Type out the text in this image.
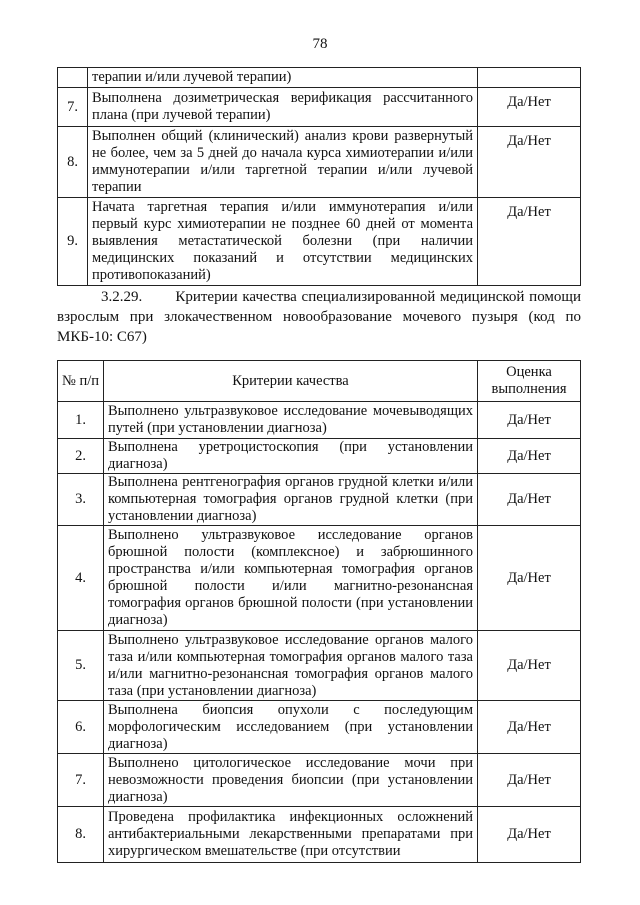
78
	терапии и/или лучевой терапии)	
7.	Выполнена дозиметрическая верификация рассчитанного плана (при лучевой терапии)	Да/Нет
8.	Выполнен общий (клинический) анализ крови развернутый не более, чем за 5 дней до начала курса химиотерапии и/или иммунотерапии и/или таргетной терапии и/или лучевой терапии	Да/Нет
9.	Начата таргетная терапия и/или иммунотерапия и/или первый курс химиотерапии не позднее 60 дней от момента выявления метастатической болезни (при наличии медицинских показаний и отсутствии медицинских противопоказаний)	Да/Нет
3.2.29. Критерии качества специализированной медицинской помощи взрослым при злокачественном новообразование мочевого пузыря (код по МКБ-10: C67)
№ п/п	Критерии качества	Оценка выполнения
1.	Выполнено ультразвуковое исследование мочевыводящих путей (при установлении диагноза)	Да/Нет
2.	Выполнена уретроцистоскопия (при установлении диагноза)	Да/Нет
3.	Выполнена рентгенография органов грудной клетки и/или компьютерная томография органов грудной клетки (при установлении диагноза)	Да/Нет
4.	Выполнено ультразвуковое исследование органов брюшной полости (комплексное) и забрюшинного пространства и/или компьютерная томография органов брюшной полости и/или магнитно-резонансная томография органов брюшной полости (при установлении диагноза)	Да/Нет
5.	Выполнено ультразвуковое исследование органов малого таза и/или компьютерная томография органов малого таза и/или магнитно-резонансная томография органов малого таза (при установлении диагноза)	Да/Нет
6.	Выполнена биопсия опухоли с последующим морфологическим исследованием (при установлении диагноза)	Да/Нет
7.	Выполнено цитологическое исследование мочи при невозможности проведения биопсии (при установлении диагноза)	Да/Нет
8.	Проведена профилактика инфекционных осложнений антибактериальными лекарственными препаратами при хирургическом вмешательстве (при отсутствии	Да/Нет
